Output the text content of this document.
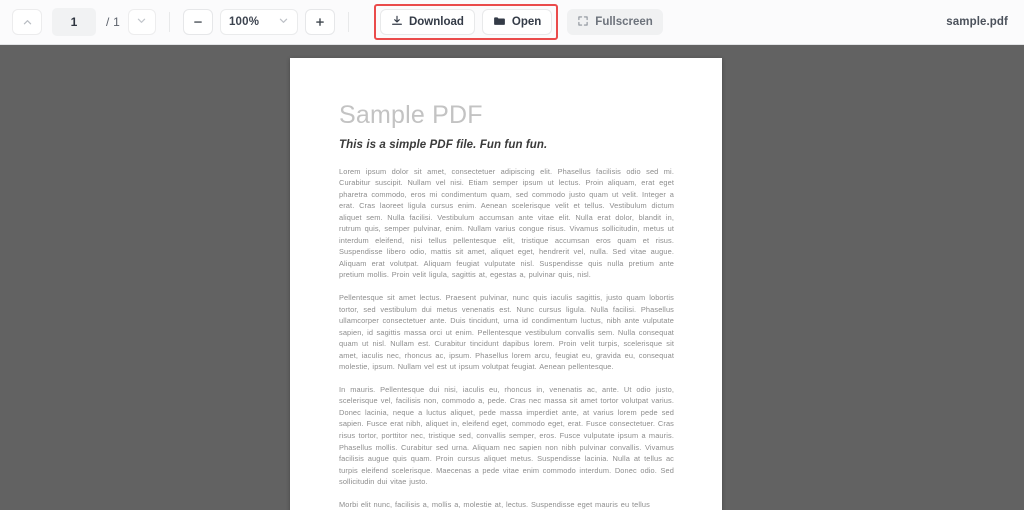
1
/ 1	100%	Download	Open	Fullscreen	sample.pdf
Sample PDF
This is a simple PDF file. Fun fun fun.

Lorem ipsum dolor sit amet, consectetuer adipiscing elit. Phasellus facilisis odio sed mi. Curabitur suscipit. Nullam vel nisi. Etiam semper ipsum ut lectus. Proin aliquam, erat eget pharetra commodo, eros mi condimentum quam, sed commodo justo quam ut velit. Integer a erat. Cras laoreet ligula cursus enim. Aenean scelerisque velit et tellus. Vestibulum dictum aliquet sem. Nulla facilisi. Vestibulum accumsan ante vitae elit. Nulla erat dolor, blandit in, rutrum quis, semper pulvinar, enim. Nullam varius congue risus. Vivamus sollicitudin, metus ut interdum eleifend, nisi tellus pellentesque elit, tristique accumsan eros quam et risus. Suspendisse libero odio, mattis sit amet, aliquet eget, hendrerit vel, nulla. Sed vitae augue. Aliquam erat volutpat. Aliquam feugiat vulputate nisl. Suspendisse quis nulla pretium ante pretium mollis. Proin velit ligula, sagittis at, egestas a, pulvinar quis, nisl.

Pellentesque sit amet lectus. Praesent pulvinar, nunc quis iaculis sagittis, justo quam lobortis tortor, sed vestibulum dui metus venenatis est. Nunc cursus ligula. Nulla facilisi. Phasellus ullamcorper consectetuer ante. Duis tincidunt, urna id condimentum luctus, nibh ante vulputate sapien, id sagittis massa orci ut enim. Pellentesque vestibulum convallis sem. Nulla consequat quam ut nisl. Nullam est. Curabitur tincidunt dapibus lorem. Proin velit turpis, scelerisque sit amet, iaculis nec, rhoncus ac, ipsum. Phasellus lorem arcu, feugiat eu, gravida eu, consequat molestie, ipsum. Nullam vel est ut ipsum volutpat feugiat. Aenean pellentesque.

In mauris. Pellentesque dui nisi, iaculis eu, rhoncus in, venenatis ac, ante. Ut odio justo, scelerisque vel, facilisis non, commodo a, pede. Cras nec massa sit amet tortor volutpat varius. Donec lacinia, neque a luctus aliquet, pede massa imperdiet ante, at varius lorem pede sed sapien. Fusce erat nibh, aliquet in, eleifend eget, commodo eget, erat. Fusce consectetuer. Cras risus tortor, porttitor nec, tristique sed, convallis semper, eros. Fusce vulputate ipsum a mauris. Phasellus mollis. Curabitur sed urna. Aliquam nec sapien non nibh pulvinar convallis. Vivamus facilisis augue quis quam. Proin cursus aliquet metus. Suspendisse lacinia. Nulla at tellus ac turpis eleifend scelerisque. Maecenas a pede vitae enim commodo interdum. Donec odio. Sed sollicitudin dui vitae justo.

Morbi elit nunc, facilisis a, mollis a, molestie at, lectus. Suspendisse eget mauris eu tellus
